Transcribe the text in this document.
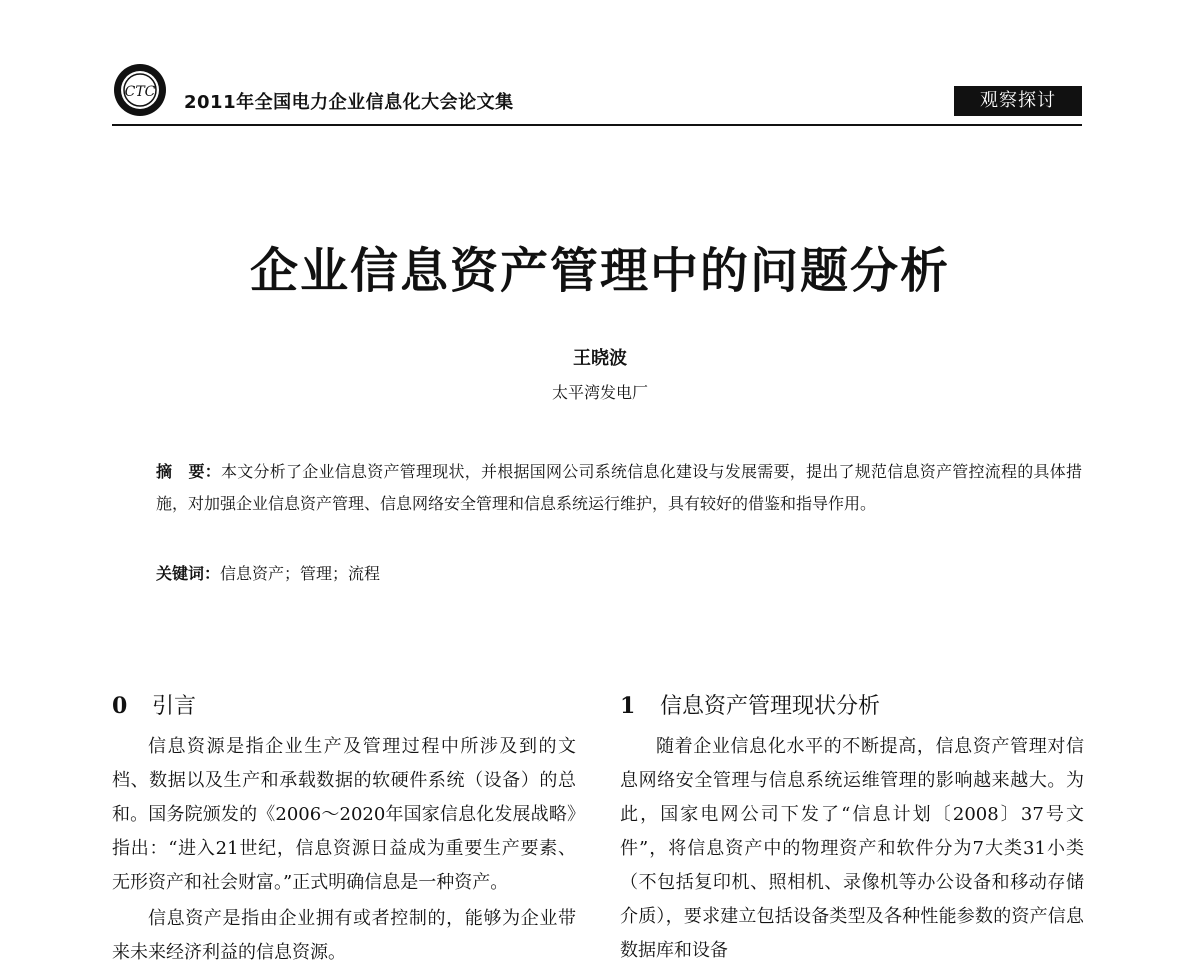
CTC 2011年全国电力企业信息化大会论文集	观察探讨
企业信息资产管理中的问题分析
王晓波
太平湾发电厂
摘　要：本文分析了企业信息资产管理现状，并根据国网公司系统信息化建设与发展需要，提出了规范信息资产管控流程的具体措施，对加强企业信息资产管理、信息网络安全管理和信息系统运行维护，具有较好的借鉴和指导作用。
关键词：信息资产；管理；流程
0 引言

信息资源是指企业生产及管理过程中所涉及到的文档、数据以及生产和承载数据的软硬件系统（设备）的总和。国务院颁发的《2006～2020年国家信息化发展战略》指出：“进入21世纪，信息资源日益成为重要生产要素、无形资产和社会财富。”正式明确信息是一种资产。

信息资产是指由企业拥有或者控制的，能够为企业带来未来经济利益的信息资源。

1 信息资产管理现状分析

随着企业信息化水平的不断提高，信息资产管理对信息网络安全管理与信息系统运维管理的影响越来越大。为此，国家电网公司下发了“信息计划〔2008〕37号文件”，将信息资产中的物理资产和软件分为7大类31小类（不包括复印机、照相机、录像机等办公设备和移动存储介质），要求建立包括设备类型及各种性能参数的资产信息数据库和设备
